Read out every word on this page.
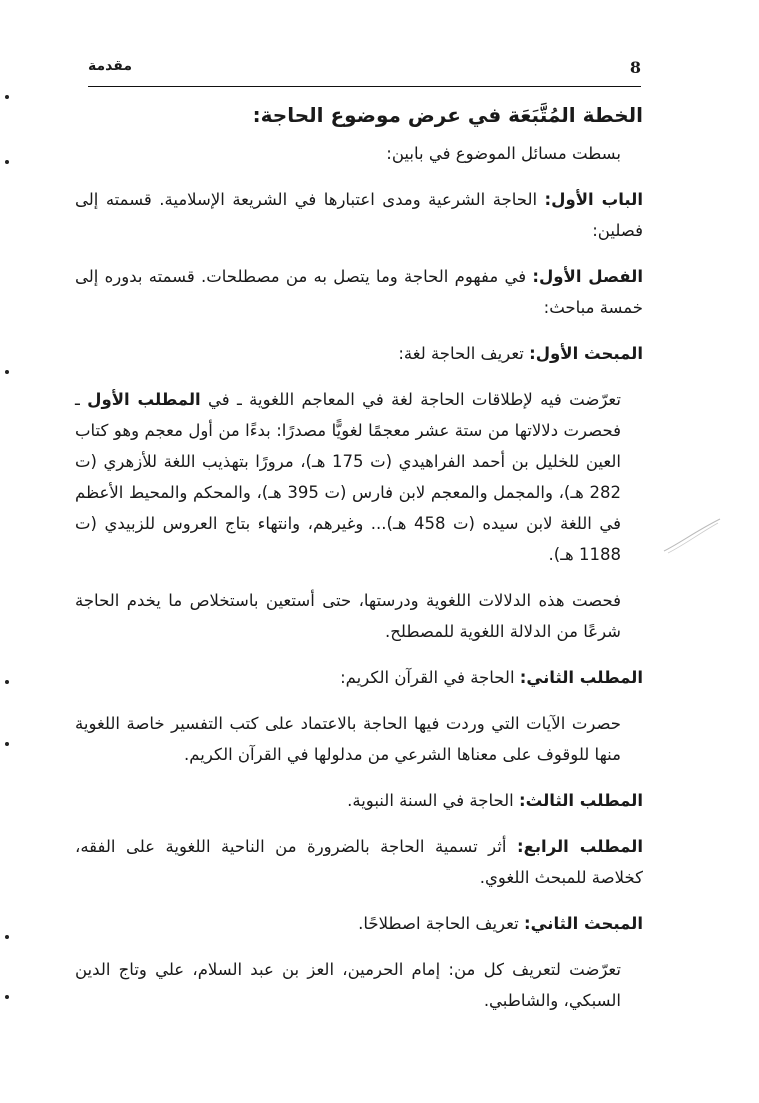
8
مقدمة

الخطة المُتَّبَعَة في عرض موضوع الحاجة:

بسطت مسائل الموضوع في بابين:

الباب الأول: الحاجة الشرعية ومدى اعتبارها في الشريعة الإسلامية. قسمته إلى فصلين:

الفصل الأول: في مفهوم الحاجة وما يتصل به من مصطلحات. قسمته بدوره إلى خمسة مباحث:

المبحث الأول: تعريف الحاجة لغة:

تعرّضت فيه لإطلاقات الحاجة لغة في المعاجم اللغوية ـ في المطلب الأول ـ فحصرت دلالاتها من ستة عشر معجمًا لغويًّا مصدرًا: بدءًا من أول معجم وهو كتاب العين للخليل بن أحمد الفراهيدي (ت 175 هـ)، مرورًا بتهذيب اللغة للأزهري (ت 282 هـ)، والمجمل والمعجم لابن فارس (ت 395 هـ)، والمحكم والمحيط الأعظم في اللغة لابن سيده (ت 458 هـ)... وغيرهم، وانتهاء بتاج العروس للزبيدي (ت 1188 هـ).

فحصت هذه الدلالات اللغوية ودرستها، حتى أستعين باستخلاص ما يخدم الحاجة شرعًا من الدلالة اللغوية للمصطلح.

المطلب الثاني: الحاجة في القرآن الكريم:

حصرت الآيات التي وردت فيها الحاجة بالاعتماد على كتب التفسير خاصة اللغوية منها للوقوف على معناها الشرعي من مدلولها في القرآن الكريم.

المطلب الثالث: الحاجة في السنة النبوية.

المطلب الرابع: أثر تسمية الحاجة بالضرورة من الناحية اللغوية على الفقه، كخلاصة للمبحث اللغوي.

المبحث الثاني: تعريف الحاجة اصطلاحًا.

تعرّضت لتعريف كل من: إمام الحرمين، العز بن عبد السلام، علي وتاج الدين السبكي، والشاطبي.
